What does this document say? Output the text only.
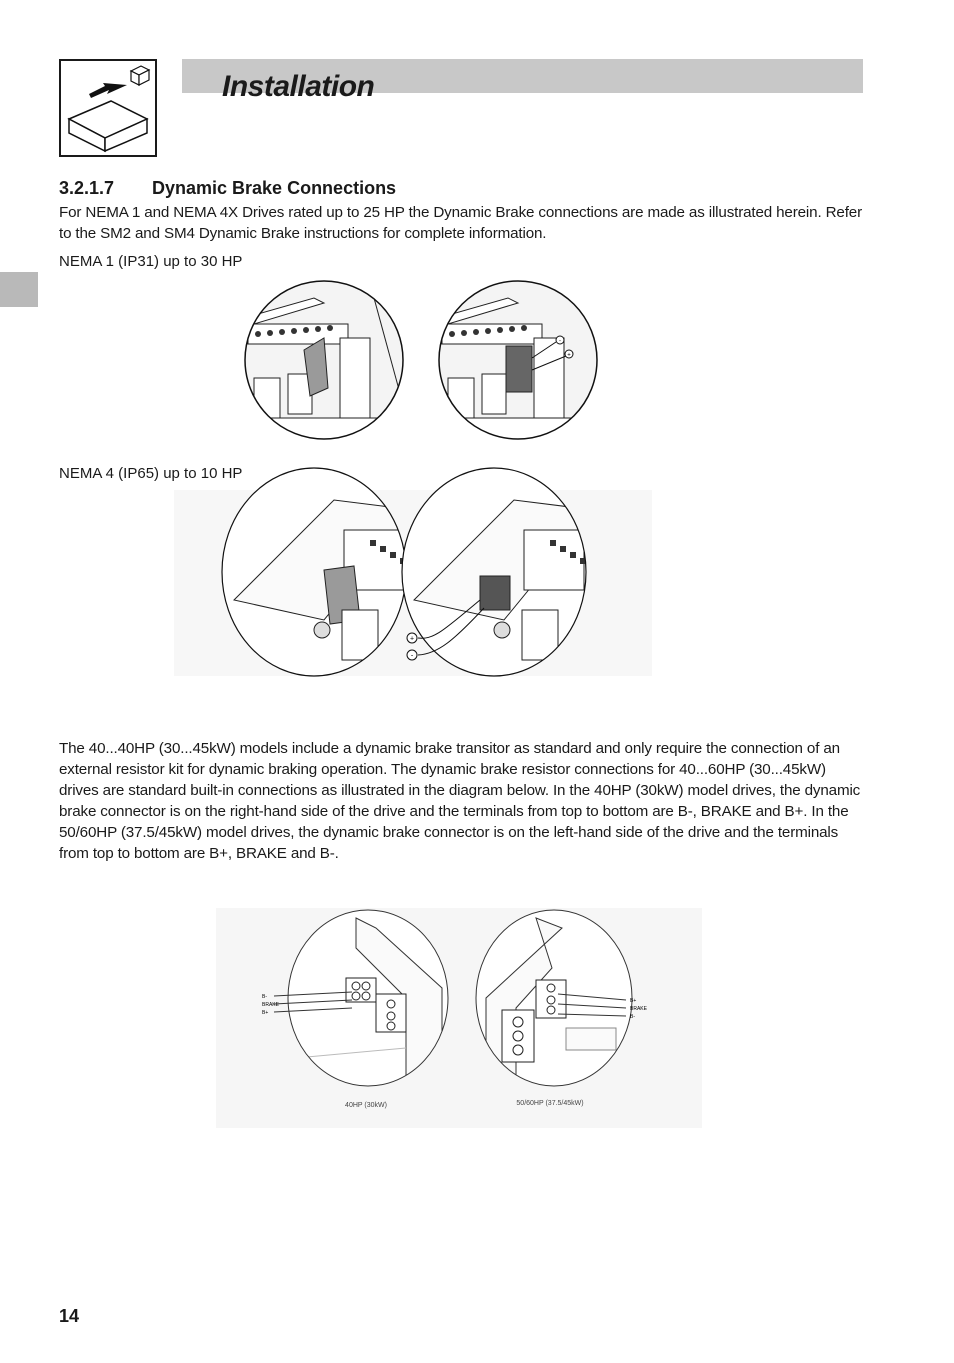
Installation
3.2.1.7 Dynamic Brake Connections
For NEMA 1 and NEMA 4X Drives rated up to 25 HP the Dynamic Brake connections are made as illustrated herein. Refer to the SM2 and SM4 Dynamic Brake instructions for complete information.
NEMA 1 (IP31) up to 30 HP
-
+
NEMA 4 (IP65) up to 10 HP
+
-
The 40...40HP (30...45kW) models include a dynamic brake transitor as standard and only require the connection of an external resistor kit for dynamic braking operation. The dynamic brake resistor connections for 40...60HP (30...45kW) drives are standard built-in connections as illustrated in the diagram below. In the 40HP (30kW) model drives, the dynamic brake connector is on the right-hand side of the drive and the terminals from top to bottom are B-, BRAKE and B+. In the 50/60HP (37.5/45kW) model drives, the dynamic brake connector is on the left-hand side of the drive and the terminals from top to bottom are B+, BRAKE and B-.
B-
BRAKE
B+
40HP (30kW)
B+
BRAKE
B-
50/60HP (37.5/45kW)
14
